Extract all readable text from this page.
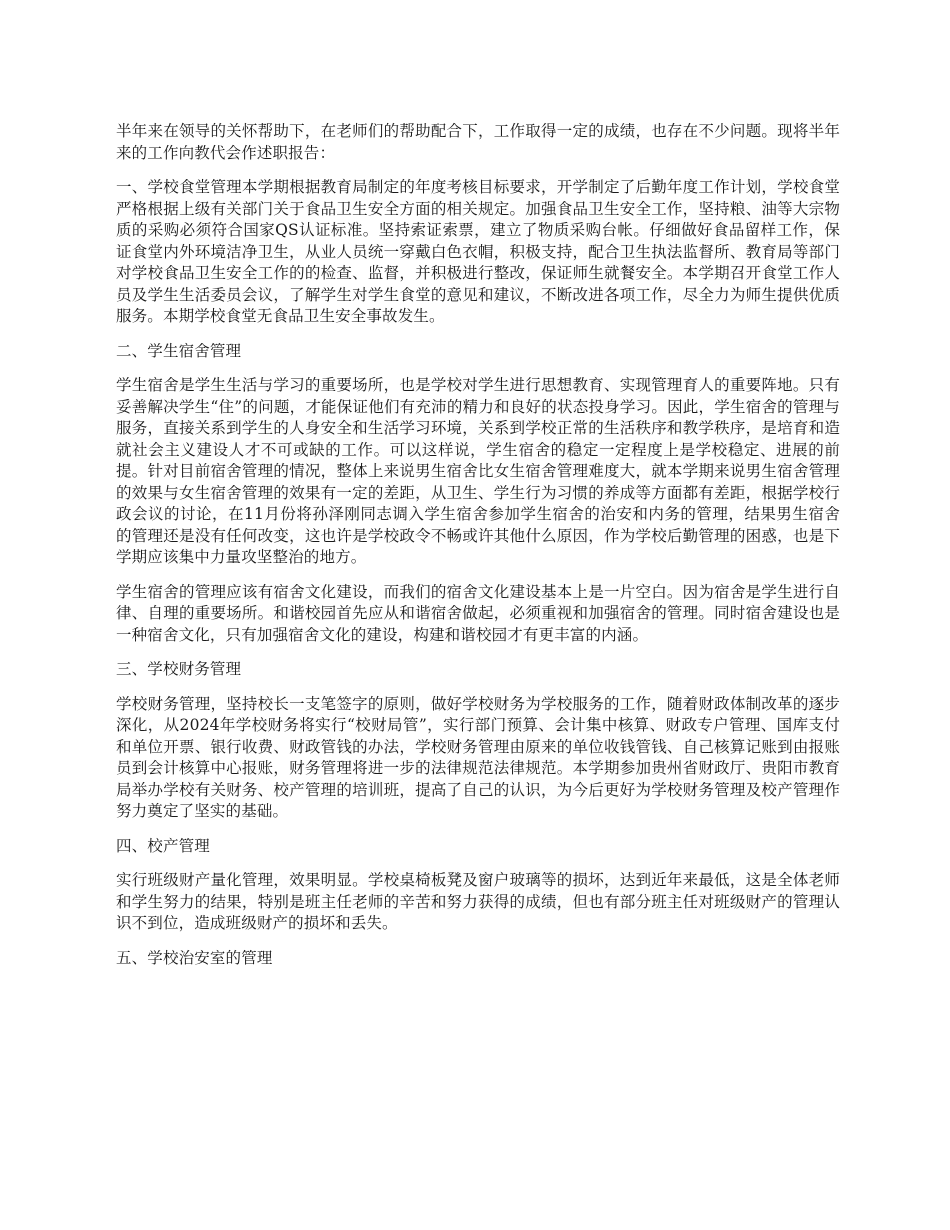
半年来在领导的关怀帮助下，在老师们的帮助配合下，工作取得一定的成绩，也存在不少问题。现将半年来的工作向教代会作述职报告：

一、学校食堂管理本学期根据教育局制定的年度考核目标要求，开学制定了后勤年度工作计划，学校食堂严格根据上级有关部门关于食品卫生安全方面的相关规定。加强食品卫生安全工作，坚持粮、油等大宗物质的采购必须符合国家QS认证标准。坚持索证索票，建立了物质采购台帐。仔细做好食品留样工作，保证食堂内外环境洁净卫生，从业人员统一穿戴白色衣帽，积极支持，配合卫生执法监督所、教育局等部门对学校食品卫生安全工作的的检查、监督，并积极进行整改，保证师生就餐安全。本学期召开食堂工作人员及学生生活委员会议，了解学生对学生食堂的意见和建议，不断改进各项工作，尽全力为师生提供优质服务。本期学校食堂无食品卫生安全事故发生。

二、学生宿舍管理

学生宿舍是学生生活与学习的重要场所，也是学校对学生进行思想教育、实现管理育人的重要阵地。只有妥善解决学生“住”的问题，才能保证他们有充沛的精力和良好的状态投身学习。因此，学生宿舍的管理与服务，直接关系到学生的人身安全和生活学习环境，关系到学校正常的生活秩序和教学秩序，是培育和造就社会主义建设人才不可或缺的工作。可以这样说，学生宿舍的稳定一定程度上是学校稳定、进展的前提。针对目前宿舍管理的情况，整体上来说男生宿舍比女生宿舍管理难度大，就本学期来说男生宿舍管理的效果与女生宿舍管理的效果有一定的差距，从卫生、学生行为习惯的养成等方面都有差距，根据学校行政会议的讨论，在11月份将孙泽刚同志调入学生宿舍参加学生宿舍的治安和内务的管理，结果男生宿舍的管理还是没有任何改变，这也许是学校政令不畅或许其他什么原因，作为学校后勤管理的困惑，也是下学期应该集中力量攻坚整治的地方。

学生宿舍的管理应该有宿舍文化建设，而我们的宿舍文化建设基本上是一片空白。因为宿舍是学生进行自律、自理的重要场所。和谐校园首先应从和谐宿舍做起，必须重视和加强宿舍的管理。同时宿舍建设也是一种宿舍文化，只有加强宿舍文化的建设，构建和谐校园才有更丰富的内涵。

三、学校财务管理

学校财务管理，坚持校长一支笔签字的原则，做好学校财务为学校服务的工作，随着财政体制改革的逐步深化，从2024年学校财务将实行“校财局管”，实行部门预算、会计集中核算、财政专户管理、国库支付和单位开票、银行收费、财政管钱的办法，学校财务管理由原来的单位收钱管钱、自己核算记账到由报账员到会计核算中心报账，财务管理将进一步的法律规范法律规范。本学期参加贵州省财政厅、贵阳市教育局举办学校有关财务、校产管理的培训班，提高了自己的认识，为今后更好为学校财务管理及校产管理作努力奠定了坚实的基础。

四、校产管理

实行班级财产量化管理，效果明显。学校桌椅板凳及窗户玻璃等的损坏，达到近年来最低，这是全体老师和学生努力的结果，特别是班主任老师的辛苦和努力获得的成绩，但也有部分班主任对班级财产的管理认识不到位，造成班级财产的损坏和丢失。

五、学校治安室的管理
